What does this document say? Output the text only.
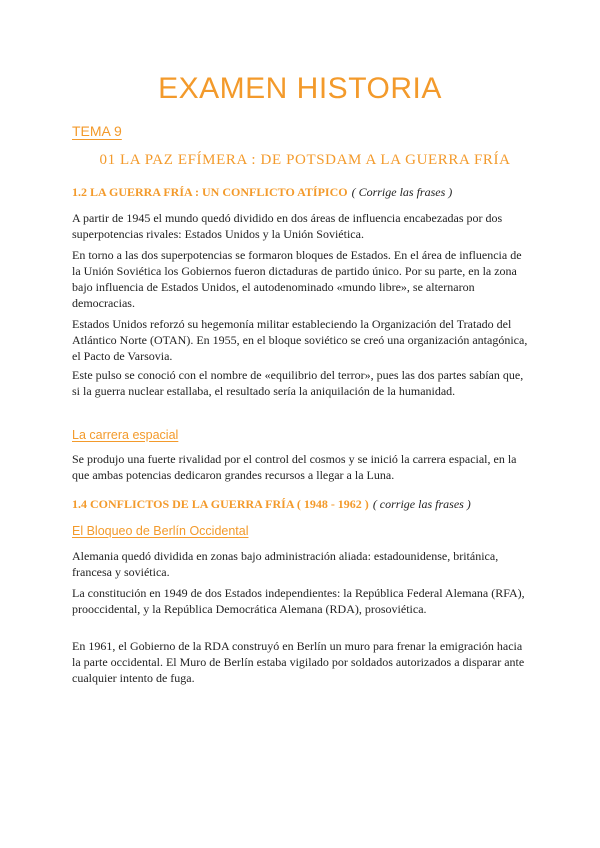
EXAMEN HISTORIA
TEMA 9
01 LA PAZ EFÍMERA : DE POTSDAM A LA GUERRA FRÍA
1.2 LA GUERRA FRÍA : UN CONFLICTO ATÍPICO ( Corrige las frases )
A partir de 1945 el mundo quedó dividido en dos áreas de influencia encabezadas por dos superpotencias rivales: Estados Unidos y la Unión Soviética.
En torno a las dos superpotencias se formaron bloques de Estados. En el área de influencia de la Unión Soviética los Gobiernos fueron dictaduras de partido único. Por su parte, en la zona bajo influencia de Estados Unidos, el autodenominado «mundo libre», se alternaron democracias.
Estados Unidos reforzó su hegemonía militar estableciendo la Organización del Tratado del Atlántico Norte (OTAN). En 1955, en el bloque soviético se creó una organización antagónica, el Pacto de Varsovia.
Este pulso se conoció con el nombre de «equilibrio del terror», pues las dos partes sabían que, si la guerra nuclear estallaba, el resultado sería la aniquilación de la humanidad.
La carrera espacial
Se produjo una fuerte rivalidad por el control del cosmos y se inició la carrera espacial, en la que ambas potencias dedicaron grandes recursos a llegar a la Luna.
1.4 CONFLICTOS DE LA GUERRA FRÍA ( 1948 - 1962 ) ( corrige las frases )
El Bloqueo de Berlín Occidental
Alemania quedó dividida en zonas bajo administración aliada: estadounidense, británica, francesa y soviética.
La constitución en 1949 de dos Estados independientes: la República Federal Alemana (RFA), prooccidental, y la República Democrática Alemana (RDA), prosoviética.
En 1961, el Gobierno de la RDA construyó en Berlín un muro para frenar la emigración hacia la parte occidental. El Muro de Berlín estaba vigilado por soldados autorizados a disparar ante cualquier intento de fuga.
